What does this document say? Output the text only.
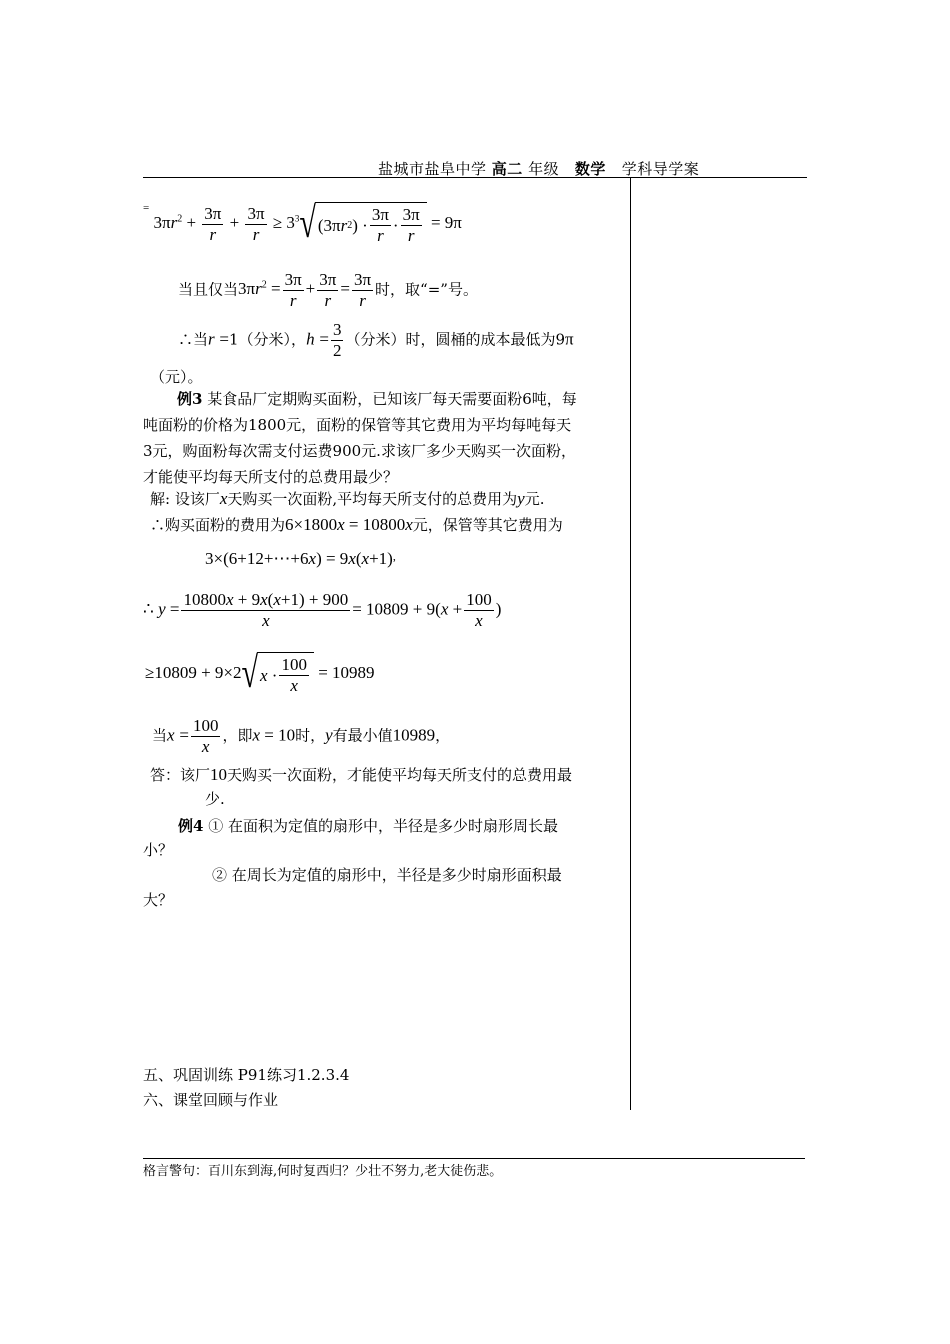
盐城市盐阜中学 高二 年级 数学 学科导学案
= $3\pi r^2 + \frac{3\pi}{r} + \frac{3\pi}{r} \ge 3^3$ √ (3π r 2 ) · $\frac{3\pi}{r} \cdot \frac{3\pi}{r} = 9\pi$
当且仅当$3\pi r^2 = \frac{3\pi}{r} + \frac{3\pi}{r} = \frac{3\pi}{r}$ 时，取“=”号。
∴当r =1（分米），$h = \frac{3}{2}$ （分米）时，圆桶的成本最低为9π
（元）。
例3 某食品厂定期购买面粉，已知该厂每天需要面粉6吨，每
吨面粉的价格为1800元，面粉的保管等其它费用为平均每吨每天
3元，购面粉每次需支付运费900元.求该厂多少天购买一次面粉，
才能使平均每天所支付的总费用最少？
解: 设该厂x天购买一次面粉,平均每天所支付的总费用为y元.
∴购买面粉的费用为6×1800x = 10800x元，保管等其它费用为
3×(6+12+⋯+6x) = 9x(x+1),
∴ $y = \frac{10800x + 9x(x+1) + 900}{x} = 10809 + 9(x + \frac{100}{x}$ )
≥10809 + 9×2 √ $x \cdot \frac{100}{x} = 10989$
当$x = \frac{100}{x}$ ，即x = 10时，y有最小值10989，
答：该厂10天购买一次面粉，才能使平均每天所支付的总费用最
少.
例4 ① 在面积为定值的扇形中，半径是多少时扇形周长最
小？
② 在周长为定值的扇形中，半径是多少时扇形面积最
大？
五、巩固训练 P91练习1.2.3.4
六、课堂回顾与作业
格言警句：百川东到海,何时复西归？少壮不努力,老大徒伤悲。
